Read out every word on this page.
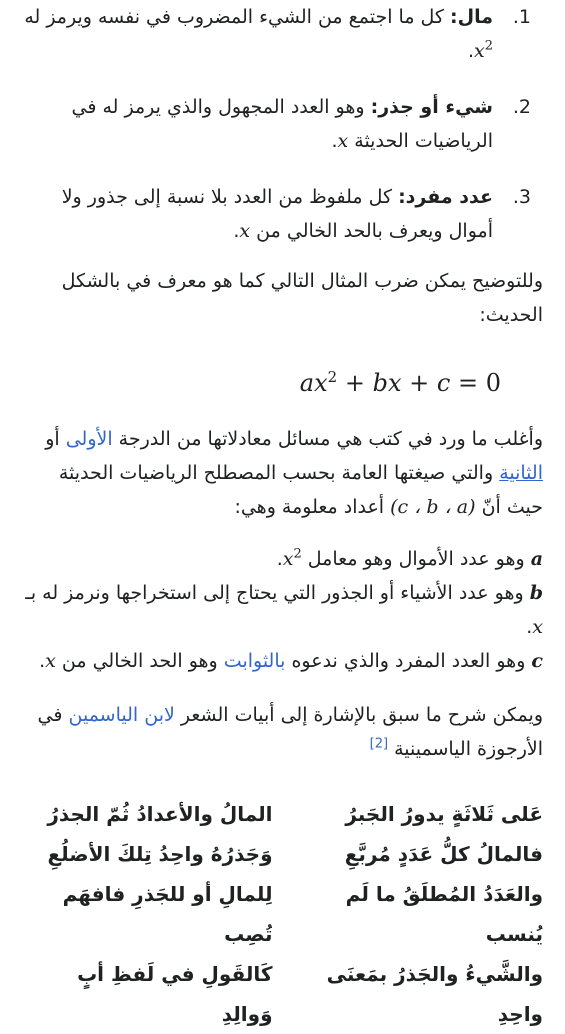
1.
مال: كل ما اجتمع من الشيء المضروب في نفسه ويرمز له
$x^2$.
2.
شيء أو جذر: وهو العدد المجهول والذي يرمز له في الرياضيات الحديثة x.
3.
عدد مفرد: كل ملفوظ من العدد بلا نسبة إلى جذور ولا أموال ويعرف بالحد الخالي من x.

وللتوضيح يمكن ضرب المثال التالي كما هو معرف في بالشكل الحديث:

$ax^2$ + bx + c = 0

وأغلب ما ورد في كتب هي مسائل معادلاتها من الدرجة الأولى أو الثانية والتي صيغتها العامة بحسب المصطلح الرياضيات الحديثة حيث أنّ (c ، b ، a) أعداد معلومة وهي:

a وهو عدد الأموال وهو معامل $x^2$.
b وهو عدد الأشياء أو الجذور التي يحتاج إلى استخراجها ونرمز له بـ x.
c وهو العدد المفرد والذي ندعوه بالثوابت وهو الحد الخالي من x.

ويمكن شرح ما سبق بالإشارة إلى أبيات الشعر لابن الياسمين في الأرجوزة الياسمينية [2]

عَلى ثَلاثَةٍ يدورُ الجَبرُ
المالُ والأعدادُ ثُمّ الجذرُ
فالمالُ كلُّ عَدَدٍ مُربَّعِ
وَجَذرُهُ واحِدُ تِلكَ الأضلُعِ
والعَدَدُ المُطلَقُ ما لَم يُنسب
لِلمالِ أو للجَذرِ فافهَم تُصِب
والشَّيءُ والجَذرُ بمَعنَى واحِدِ
كَالقَولِ في لَفظِ أبٍ وَوالِدِ
